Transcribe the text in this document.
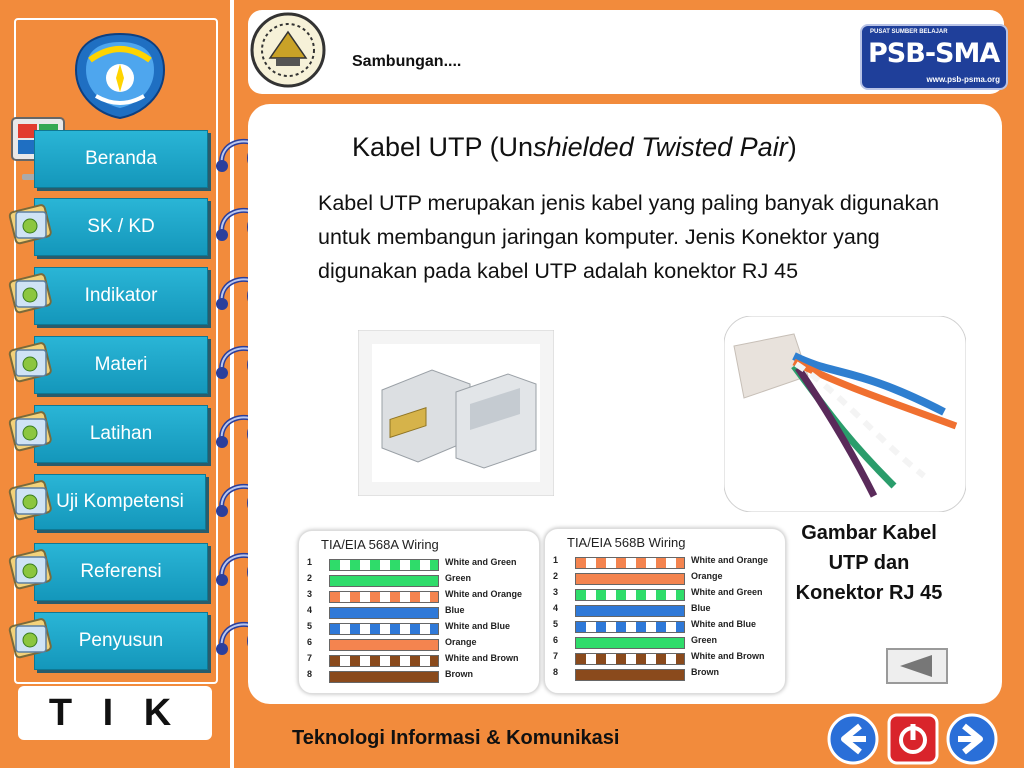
Beranda
SK / KD
Indikator
Materi
Latihan
Uji Kompetensi
Referensi
Penyusun
T I K
Sambungan....
PUSAT SUMBER BELAJAR
PSB-SMA
www.psb-psma.org
Kabel UTP (Unshielded Twisted Pair)
Kabel UTP merupakan jenis kabel yang paling banyak digunakan untuk membangun jaringan komputer. Jenis Konektor yang digunakan pada kabel UTP adalah konektor RJ 45
Gambar Kabel UTP dan Konektor RJ 45
TIA/EIA 568A Wiring
1	White and Green
2	Green
3	White and Orange
4	Blue
5	White and Blue
6	Orange
7	White and Brown
8	Brown
TIA/EIA 568B Wiring
1	White and Orange
2	Orange
3	White and Green
4	Blue
5	White and Blue
6	Green
7	White and Brown
8	Brown
Teknologi Informasi & Komunikasi
